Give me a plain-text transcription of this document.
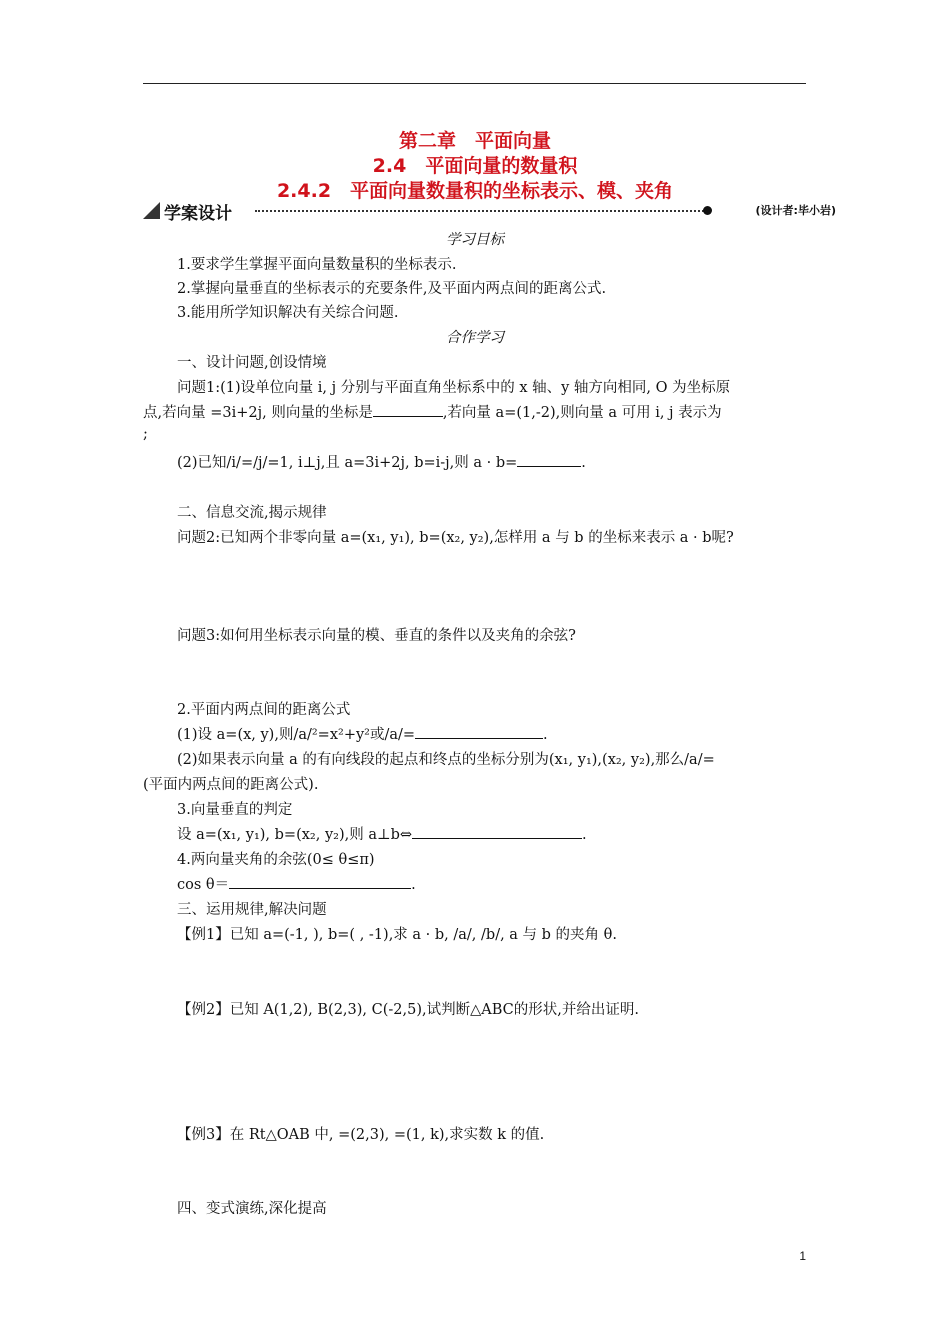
第二章　平面向量
2.4　平面向量的数量积
2.4.2　平面向量数量积的坐标表示、模、夹角
学案设计	(设计者:毕小岩)
学习目标
1.要求学生掌握平面向量数量积的坐标表示.
2.掌握向量垂直的坐标表示的充要条件,及平面内两点间的距离公式.
3.能用所学知识解决有关综合问题.
合作学习
一、设计问题,创设情境
问题1:(1)设单位向量 i, j 分别与平面直角坐标系中的 x 轴、y 轴方向相同, O 为坐标原
点,若向量 =3i+2j, 则向量的坐标是	,若向量 a=(1,-2),则向量 a 可用 i, j 表示为
;
(2)已知/i/=/j/=1, i⊥j,且 a=3i+2j, b=i-j,则 a · b=	.
二、信息交流,揭示规律
问题2:已知两个非零向量 a=(x₁, y₁), b=(x₂, y₂),怎样用 a 与 b 的坐标来表示 a · b呢?
问题3:如何用坐标表示向量的模、垂直的条件以及夹角的余弦?
2.平面内两点间的距离公式
(1)设 a=(x, y),则/a/²=x²+y²或/a/=	.
(2)如果表示向量 a 的有向线段的起点和终点的坐标分别为(x₁, y₁),(x₂, y₂),那么/a/=
(平面内两点间的距离公式).
3.向量垂直的判定
设 a=(x₁, y₁), b=(x₂, y₂),则 a⊥b⇔	.
4.两向量夹角的余弦(0≤ θ≤π)
cos θ＝	.
三、运用规律,解决问题
【例1】已知 a=(-1, ), b=( , -1),求 a · b, /a/, /b/, a 与 b 的夹角 θ.
【例2】已知 A(1,2), B(2,3), C(-2,5),试判断△ABC的形状,并给出证明.
【例3】在 Rt△OAB 中, =(2,3), =(1, k),求实数 k 的值.
四、变式演练,深化提高
1
